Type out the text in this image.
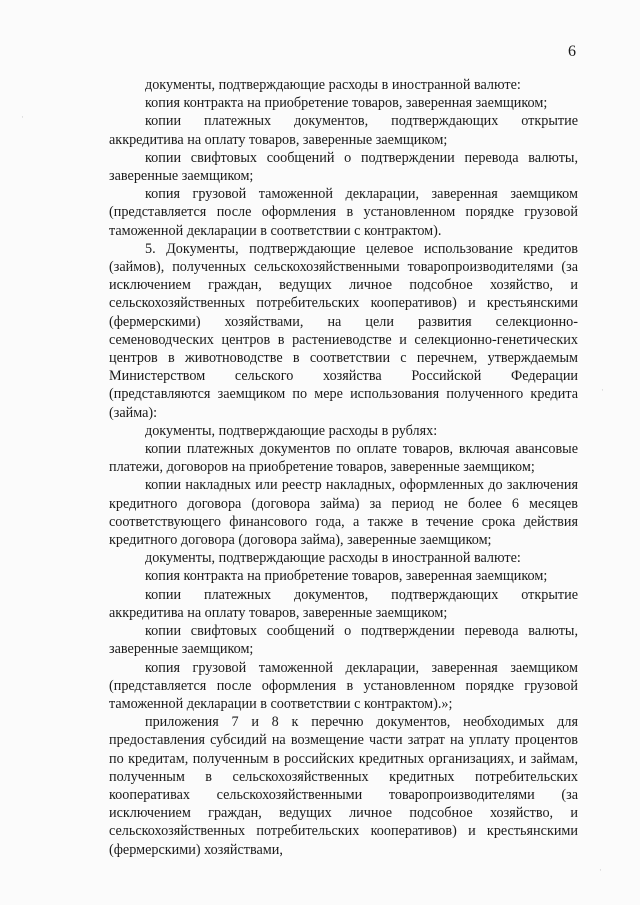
6

документы, подтверждающие расходы в иностранной валюте:

копия контракта на приобретение товаров, заверенная заемщиком;

копии платежных документов, подтверждающих открытие аккредитива на оплату товаров, заверенные заемщиком;

копии свифтовых сообщений о подтверждении перевода валюты, заверенные заемщиком;

копия грузовой таможенной декларации, заверенная заемщиком (представляется после оформления в установленном порядке грузовой таможенной декларации в соответствии с контрактом).

5. Документы, подтверждающие целевое использование кредитов (займов), полученных сельскохозяйственными товаропроизводителями (за исключением граждан, ведущих личное подсобное хозяйство, и сельскохозяйственных потребительских кооперативов) и крестьянскими (фермерскими) хозяйствами, на цели развития селекционно-семеноводческих центров в растениеводстве и селекционно-генетических центров в животноводстве в соответствии с перечнем, утверждаемым Министерством сельского хозяйства Российской Федерации (представляются заемщиком по мере использования полученного кредита (займа):

документы, подтверждающие расходы в рублях:

копии платежных документов по оплате товаров, включая авансовые платежи, договоров на приобретение товаров, заверенные заемщиком;

копии накладных или реестр накладных, оформленных до заключения кредитного договора (договора займа) за период не более 6 месяцев соответствующего финансового года, а также в течение срока действия кредитного договора (договора займа), заверенные заемщиком;

документы, подтверждающие расходы в иностранной валюте:

копия контракта на приобретение товаров, заверенная заемщиком;

копии платежных документов, подтверждающих открытие аккредитива на оплату товаров, заверенные заемщиком;

копии свифтовых сообщений о подтверждении перевода валюты, заверенные заемщиком;

копия грузовой таможенной декларации, заверенная заемщиком (представляется после оформления в установленном порядке грузовой таможенной декларации в соответствии с контрактом).»;

приложения 7 и 8 к перечню документов, необходимых для предоставления субсидий на возмещение части затрат на уплату процентов по кредитам, полученным в российских кредитных организациях, и займам, полученным в сельскохозяйственных кредитных потребительских кооперативах сельскохозяйственными товаропроизводителями (за исключением граждан, ведущих личное подсобное хозяйство, и сельскохозяйственных потребительских кооперативов) и крестьянскими (фермерскими) хозяйствами,

·
·
·
